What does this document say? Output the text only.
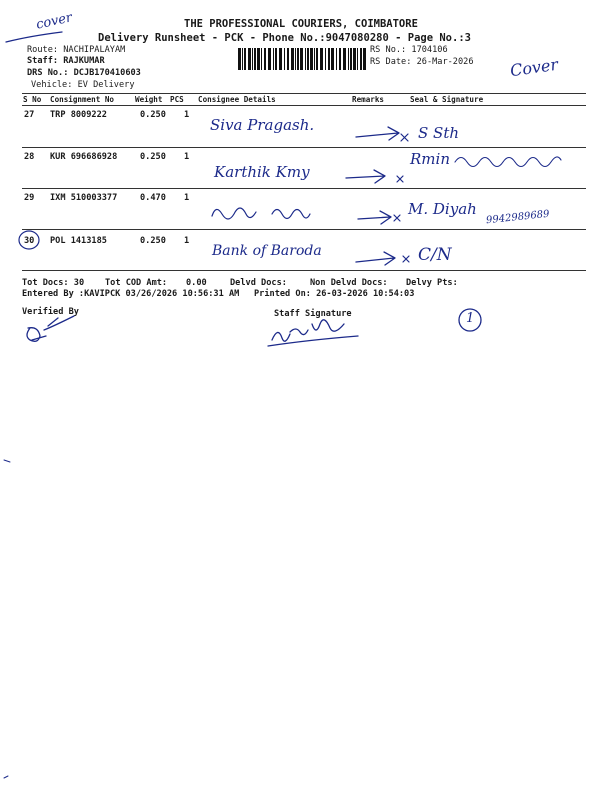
cover	THE PROFESSIONAL COURIERS, COIMBATORE
Delivery Runsheet - PCK - Phone No.:9047080280 - Page No.:3
Route: NACHIPALAYAM
Staff: RAJKUMAR
DRS No.: DCJB170410603
Vehicle: EV Delivery
RS No.: 1704106
RS Date: 26-Mar-2026 Cover
S No Consignment No	Weight PCS Consignee Details	Remarks	Seal & Signature
27 TRP 8009222	0.250 1
Siva Pragash.	S Sth
28 KUR 696686928	0.250 1
Karthik Kmy
Rmin
29 IXM 510003377	0.470 1
M. Diyah 9942989689
30 POL 1413185	0.250 1
Bank of Baroda	C/N
1
Tot Docs: 30 Tot COD Amt: 0.00	Delvd Docs:	Non Delvd Docs: Delvy Pts:
Entered By :KAVIPCK 03/26/2026 10:56:31 AM Printed On: 26-03-2026 10:54:03
Verified By	Staff Signature
